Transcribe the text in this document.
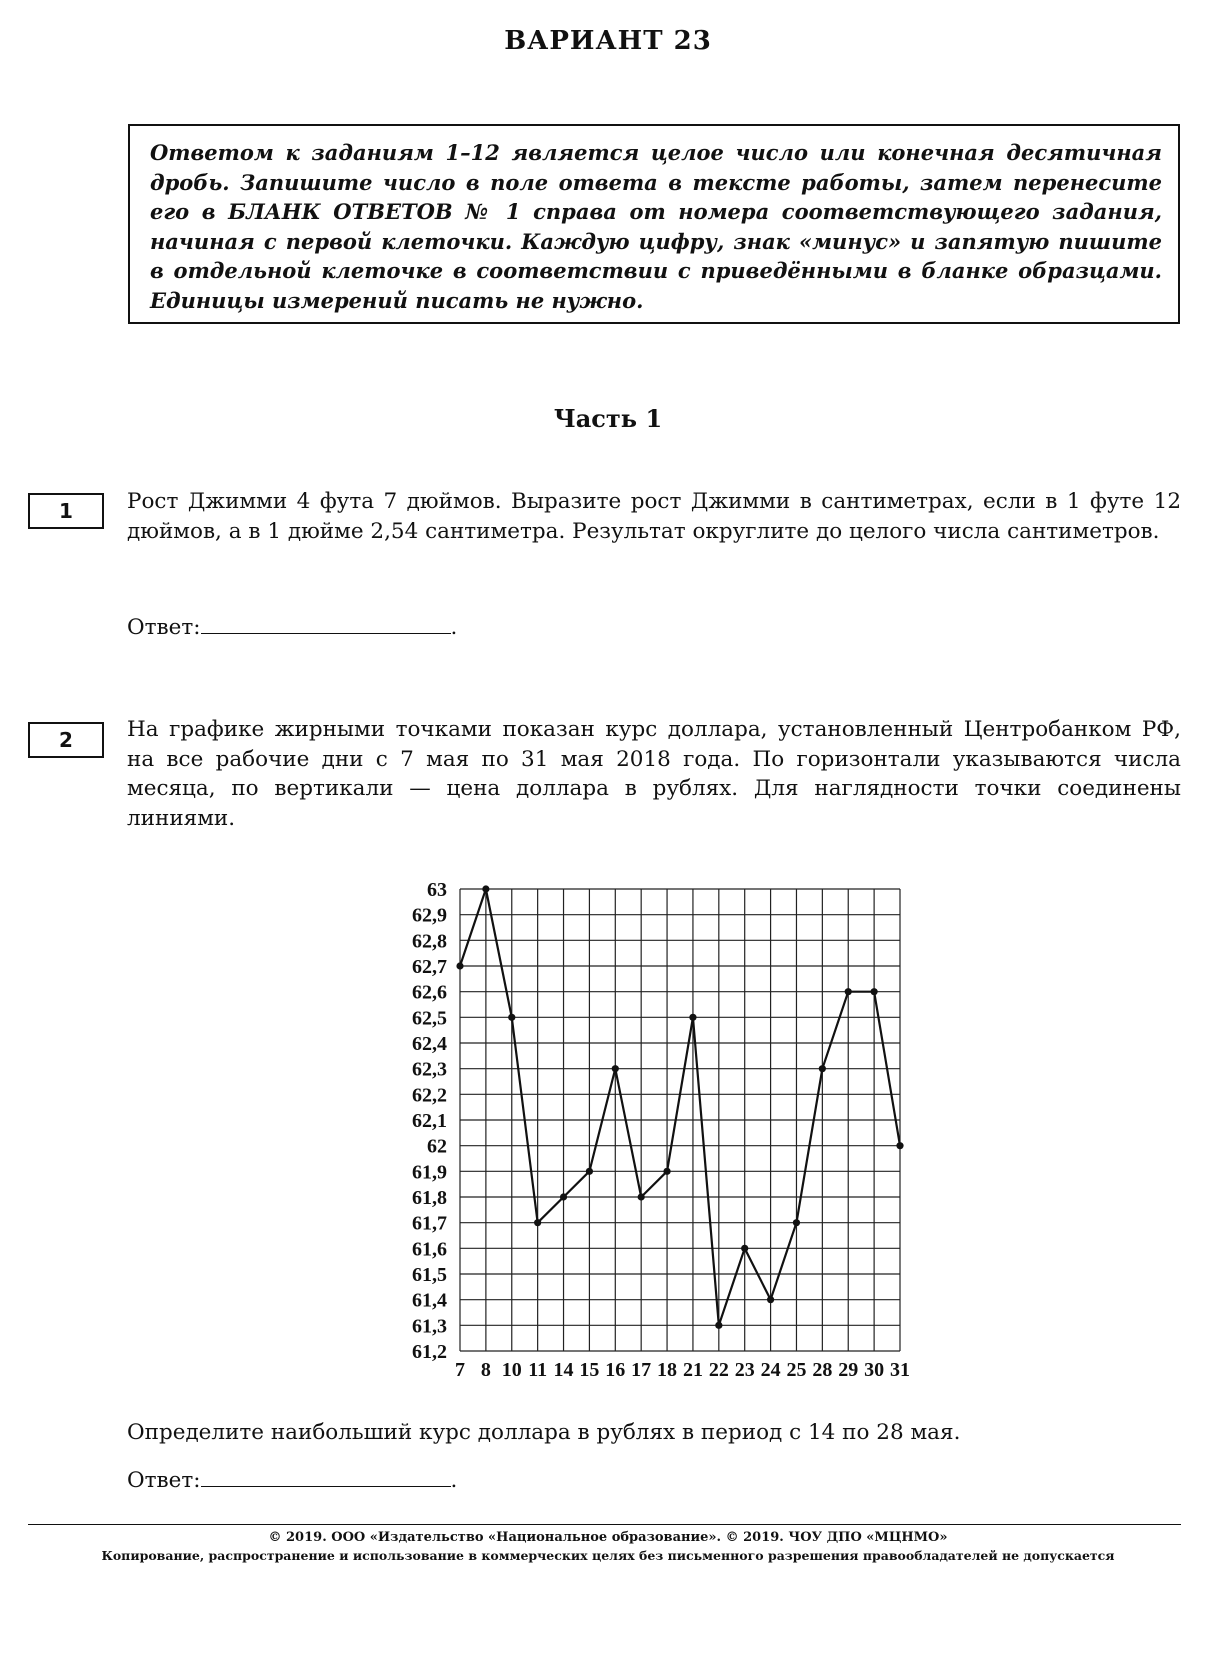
ВАРИАНТ 23

Ответом к заданиям 1–12 является целое число или конечная десятичная дробь. Запишите число в поле ответа в тексте работы, затем перенесите его в БЛАНК ОТВЕТОВ № 1 справа от номера соответствующего задания, начиная с первой клеточки. Каждую цифру, знак «минус» и запятую пишите в отдельной клеточке в соответствии с приведёнными в бланке образцами. Единицы измерений писать не нужно.

Часть 1
1	Рост Джимми 4 фута 7 дюймов. Выразите рост Джимми в сантиметрах, если в 1 футе 12 дюймов, а в 1 дюйме 2,54 сантиметра. Результат округлите до целого числа сантиметров.

Ответ:	.
2	На графике жирными точками показан курс доллара, установленный Центробанком РФ, на все рабочие дни с 7 мая по 31 мая 2018 года. По горизонтали указываются числа месяца, по вертикали — цена доллара в рублях. Для наглядности точки соединены линиями.

61,2
61,3
61,4
61,5
61,6
61,7
61,8
61,9
62
62,1
62,2
62,3
62,4
62,5
62,6
62,7
62,8
62,9
63
7 8 10 11 14 15 16 17 18 21 22 23 24 25 28 29 30 31
Определите наибольший курс доллара в рублях в период с 14 по 28 мая.
Ответ:	.
© 2019. ООО «Издательство «Национальное образование». © 2019. ЧОУ ДПО «МЦНМО»
Копирование, распространение и использование в коммерческих целях без письменного разрешения правообладателей не допускается
